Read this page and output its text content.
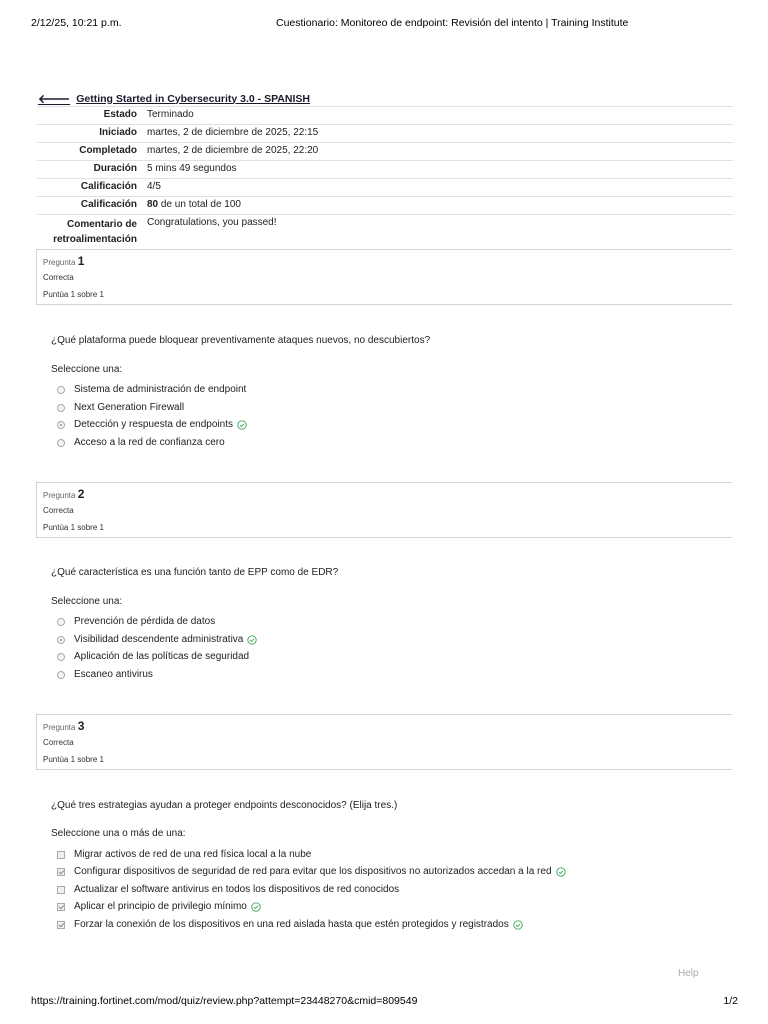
2/12/25, 10:21 p.m.	Cuestionario: Monitoreo de endpoint: Revisión del intento | Training Institute
🡐 Getting Started in Cybersecurity 3.0 - SPANISH
Estado	Terminado
Iniciado	martes, 2 de diciembre de 2025, 22:15
Completado	martes, 2 de diciembre de 2025, 22:20
Duración	5 mins 49 segundos
Calificación	4/5
Calificación	80 de un total de 100
Comentario de retroalimentación	Congratulations, you passed!
Pregunta 1
Correcta
Puntúa 1 sobre 1
¿Qué plataforma puede bloquear preventivamente ataques nuevos, no descubiertos?
Seleccione una:
Sistema de administración de endpoint
Next Generation Firewall
Detección y respuesta de endpoints
Acceso a la red de confianza cero
Pregunta 2
Correcta
Puntúa 1 sobre 1
¿Qué característica es una función tanto de EPP como de EDR?
Seleccione una:
Prevención de pérdida de datos
Visibilidad descendente administrativa
Aplicación de las políticas de seguridad
Escaneo antivirus
Pregunta 3
Correcta
Puntúa 1 sobre 1
¿Qué tres estrategias ayudan a proteger endpoints desconocidos? (Elija tres.)
Seleccione una o más de una:
Migrar activos de red de una red física local a la nube
Configurar dispositivos de seguridad de red para evitar que los dispositivos no autorizados accedan a la red
Actualizar el software antivirus en todos los dispositivos de red conocidos
Aplicar el principio de privilegio mínimo
Forzar la conexión de los dispositivos en una red aislada hasta que estén protegidos y registrados
Help
https://training.fortinet.com/mod/quiz/review.php?attempt=23448270&cmid=809549	1/2
